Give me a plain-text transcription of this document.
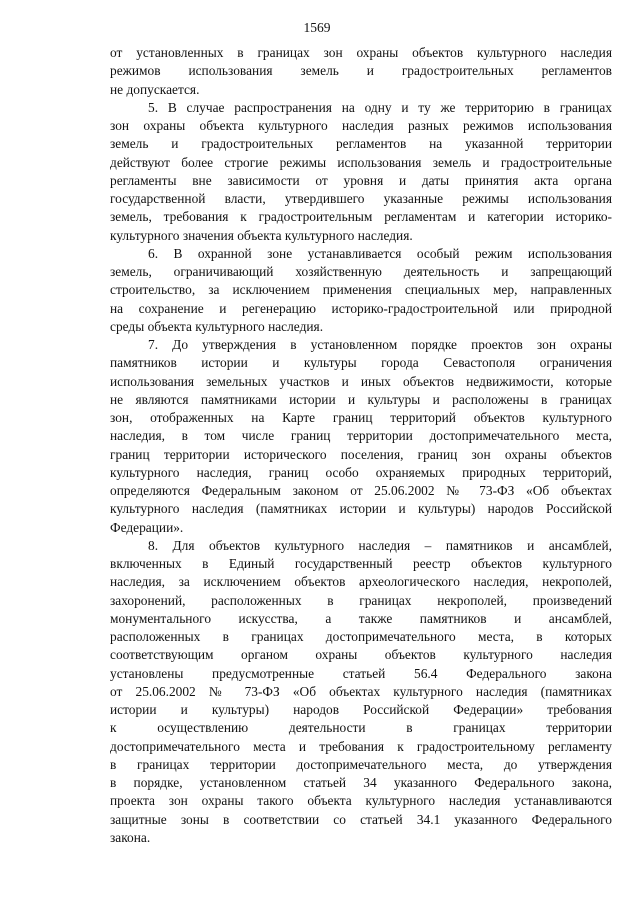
1569
от установленных в границах зон охраны объектов культурного наследия
режимов использования земель и градостроительных регламентов
не допускается.
5. В случае распространения на одну и ту же территорию в границах
зон охраны объекта культурного наследия разных режимов использования
земель и градостроительных регламентов на указанной территории
действуют более строгие режимы использования земель и градостроительные
регламенты вне зависимости от уровня и даты принятия акта органа
государственной власти, утвердившего указанные режимы использования
земель, требования к градостроительным регламентам и категории историко-
культурного значения объекта культурного наследия.
6. В охранной зоне устанавливается особый режим использования
земель, ограничивающий хозяйственную деятельность и запрещающий
строительство, за исключением применения специальных мер, направленных
на сохранение и регенерацию историко-градостроительной или природной
среды объекта культурного наследия.
7. До утверждения в установленном порядке проектов зон охраны
памятников истории и культуры города Севастополя ограничения
использования земельных участков и иных объектов недвижимости, которые
не являются памятниками истории и культуры и расположены в границах
зон, отображенных на Карте границ территорий объектов культурного
наследия, в том числе границ территории достопримечательного места,
границ территории исторического поселения, границ зон охраны объектов
культурного наследия, границ особо охраняемых природных территорий,
определяются Федеральным законом от 25.06.2002 № 73-ФЗ «Об объектах
культурного наследия (памятниках истории и культуры) народов Российской
Федерации».
8. Для объектов культурного наследия – памятников и ансамблей,
включенных в Единый государственный реестр объектов культурного
наследия, за исключением объектов археологического наследия, некрополей,
захоронений, расположенных в границах некрополей, произведений
монументального искусства, а также памятников и ансамблей,
расположенных в границах достопримечательного места, в которых
соответствующим органом охраны объектов культурного наследия
установлены предусмотренные статьей 56.4 Федерального закона
от 25.06.2002 № 73-ФЗ «Об объектах культурного наследия (памятниках
истории и культуры) народов Российской Федерации» требования
к осуществлению деятельности в границах территории
достопримечательного места и требования к градостроительному регламенту
в границах территории достопримечательного места, до утверждения
в порядке, установленном статьей 34 указанного Федерального закона,
проекта зон охраны такого объекта культурного наследия устанавливаются
защитные зоны в соответствии со статьей 34.1 указанного Федерального
закона.
